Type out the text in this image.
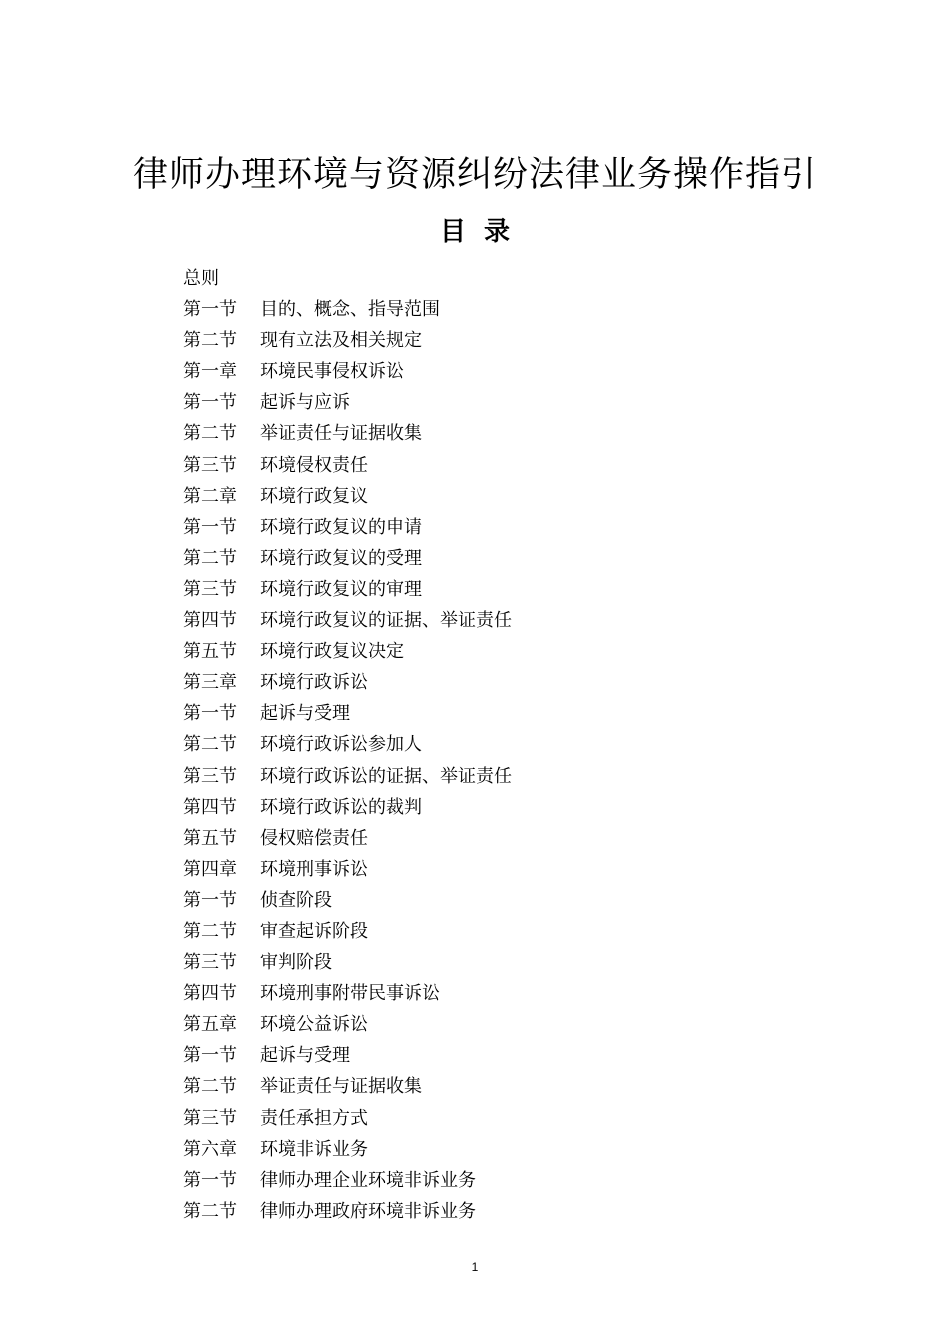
律师办理环境与资源纠纷法律业务操作指引
目  录
总则
第一节 目的、概念、指导范围
第二节 现有立法及相关规定
第一章 环境民事侵权诉讼
第一节 起诉与应诉
第二节 举证责任与证据收集
第三节 环境侵权责任
第二章 环境行政复议
第一节 环境行政复议的申请
第二节 环境行政复议的受理
第三节 环境行政复议的审理
第四节 环境行政复议的证据、举证责任
第五节 环境行政复议决定
第三章 环境行政诉讼
第一节 起诉与受理
第二节 环境行政诉讼参加人
第三节 环境行政诉讼的证据、举证责任
第四节 环境行政诉讼的裁判
第五节 侵权赔偿责任
第四章 环境刑事诉讼
第一节 侦查阶段
第二节 审查起诉阶段
第三节 审判阶段
第四节 环境刑事附带民事诉讼
第五章 环境公益诉讼
第一节 起诉与受理
第二节 举证责任与证据收集
第三节 责任承担方式
第六章 环境非诉业务
第一节 律师办理企业环境非诉业务
第二节 律师办理政府环境非诉业务
1
